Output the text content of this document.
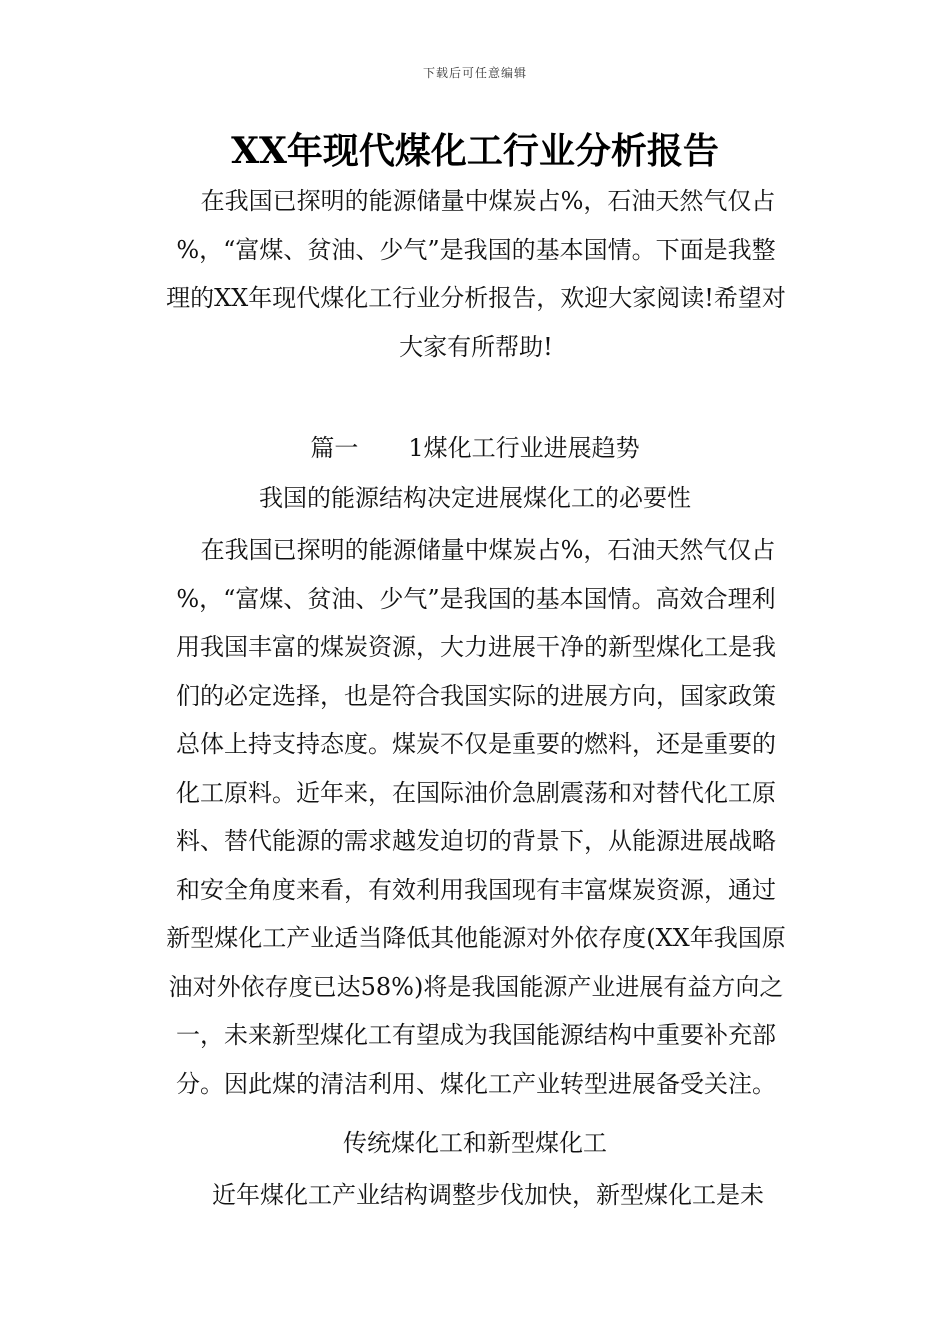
下载后可任意编辑
XX年现代煤化工行业分析报告
　在我国已探明的能源储量中煤炭占%，石油天然气仅占
%，“富煤、贫油、少气”是我国的基本国情。下面是我整
理的XX年现代煤化工行业分析报告，欢迎大家阅读!希望对
大家有所帮助!
篇一 1煤化工行业进展趋势
我国的能源结构决定进展煤化工的必要性
　在我国已探明的能源储量中煤炭占%，石油天然气仅占
%，“富煤、贫油、少气”是我国的基本国情。高效合理利
用我国丰富的煤炭资源，大力进展干净的新型煤化工是我
们的必定选择，也是符合我国实际的进展方向，国家政策
总体上持支持态度。煤炭不仅是重要的燃料，还是重要的
化工原料。近年来，在国际油价急剧震荡和对替代化工原
料、替代能源的需求越发迫切的背景下，从能源进展战略
和安全角度来看，有效利用我国现有丰富煤炭资源，通过
新型煤化工产业适当降低其他能源对外依存度(XX年我国原
油对外依存度已达58%)将是我国能源产业进展有益方向之
一，未来新型煤化工有望成为我国能源结构中重要补充部
分。因此煤的清洁利用、煤化工产业转型进展备受关注。
传统煤化工和新型煤化工
　近年煤化工产业结构调整步伐加快，新型煤化工是未
